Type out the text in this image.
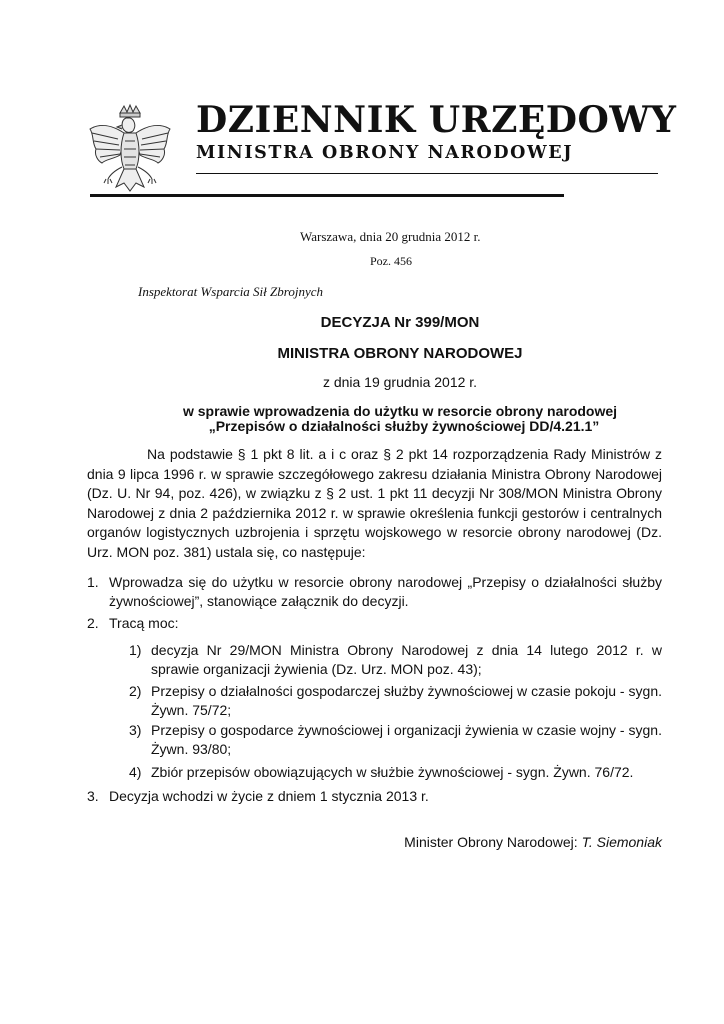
DZIENNIK URZĘDOWY
MINISTRA OBRONY NARODOWEJ
Warszawa, dnia 20 grudnia 2012 r.
Poz. 456
Inspektorat Wsparcia Sił Zbrojnych
DECYZJA Nr 399/MON
MINISTRA OBRONY NARODOWEJ
z dnia 19 grudnia 2012 r.
w sprawie wprowadzenia do użytku w resorcie obrony narodowej
„Przepisów o działalności służby żywnościowej DD/4.21.1”

Na podstawie § 1 pkt 8 lit. a i c oraz § 2 pkt 14 rozporządzenia Rady Ministrów z dnia 9 lipca 1996 r. w sprawie szczegółowego zakresu działania Ministra Obrony Narodowej (Dz. U. Nr 94, poz. 426), w związku z § 2 ust. 1 pkt 11 decyzji Nr 308/MON Ministra Obrony Narodowej z dnia 2 października 2012 r. w sprawie określenia funkcji gestorów i centralnych organów logistycznych uzbrojenia i sprzętu wojskowego w resorcie obrony narodowej (Dz. Urz. MON poz. 381) ustala się, co następuje:

1. Wprowadza się do użytku w resorcie obrony narodowej „Przepisy o działalności służby żywnościowej”, stanowiące załącznik do decyzji.
2. Tracą moc:
1) decyzja Nr 29/MON Ministra Obrony Narodowej z dnia 14 lutego 2012 r. w sprawie organizacji żywienia (Dz. Urz. MON poz. 43);
2) Przepisy o działalności gospodarczej służby żywnościowej w czasie pokoju - sygn. Żywn. 75/72;
3) Przepisy o gospodarce żywnościowej i organizacji żywienia w czasie wojny - sygn. Żywn. 93/80;
4) Zbiór przepisów obowiązujących w służbie żywnościowej - sygn. Żywn. 76/72.
3. Decyzja wchodzi w życie z dniem 1 stycznia 2013 r.
Minister Obrony Narodowej: T. Siemoniak
